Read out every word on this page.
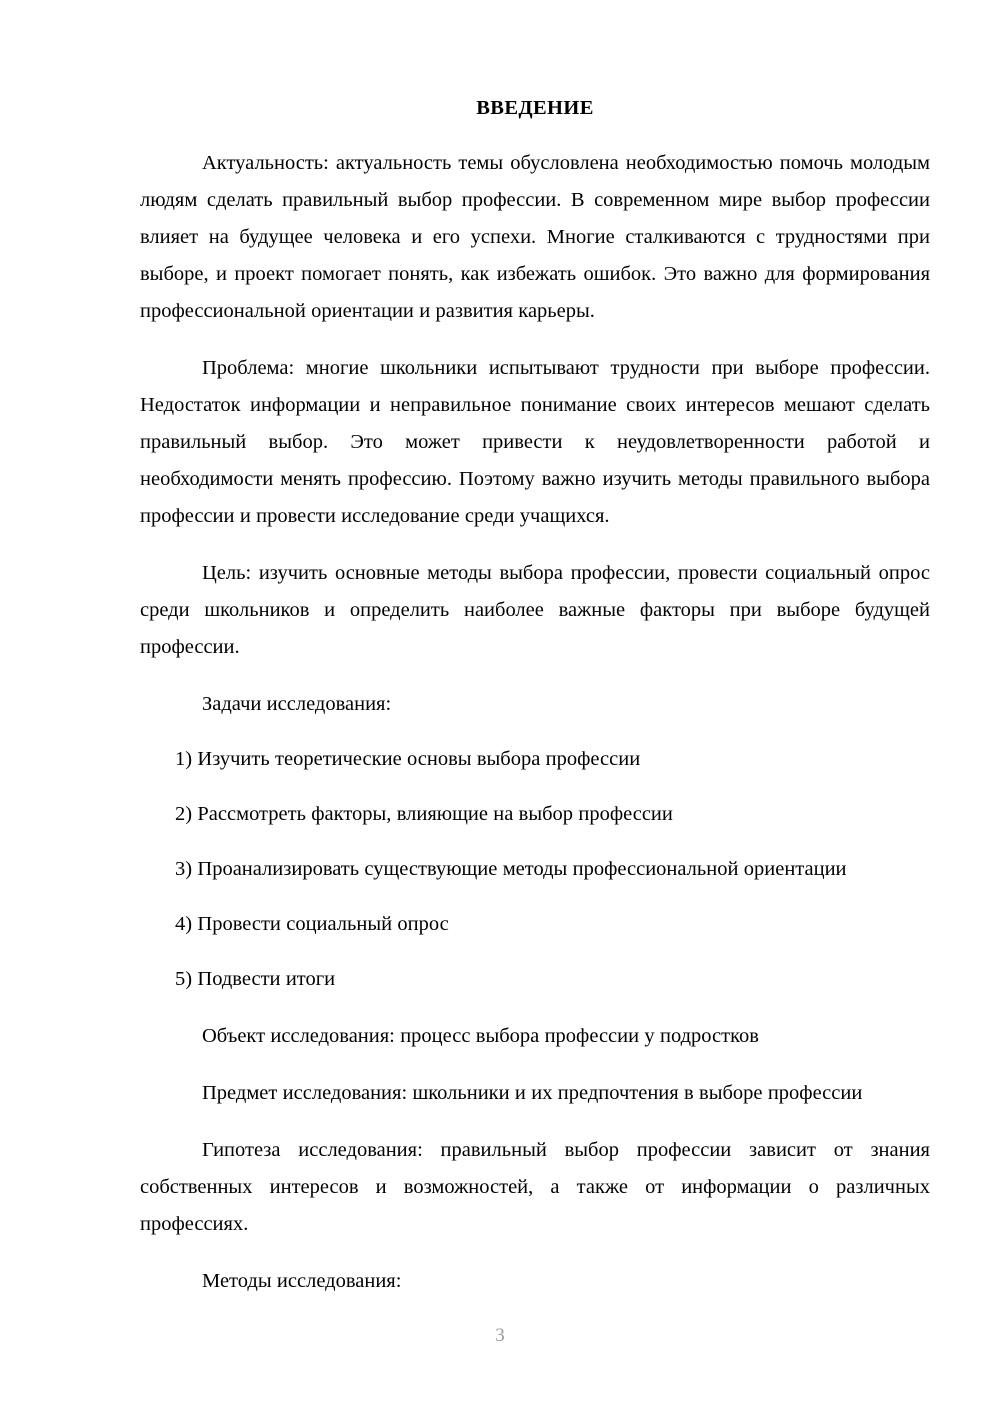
ВВЕДЕНИЕ

Актуальность: актуальность темы обусловлена необходимостью помочь молодым людям сделать правильный выбор профессии. В современном мире выбор профессии влияет на будущее человека и его успехи. Многие сталкиваются с трудностями при выборе, и проект помогает понять, как избежать ошибок. Это важно для формирования профессиональной ориентации и развития карьеры.

Проблема: многие школьники испытывают трудности при выборе профессии. Недостаток информации и неправильное понимание своих интересов мешают сделать правильный выбор. Это может привести к неудовлетворенности работой и необходимости менять профессию. Поэтому важно изучить методы правильного выбора профессии и провести исследование среди учащихся.

Цель: изучить основные методы выбора профессии, провести социальный опрос среди школьников и определить наиболее важные факторы при выборе будущей профессии.

Задачи исследования:

1) Изучить теоретические основы выбора профессии

2) Рассмотреть факторы, влияющие на выбор профессии

3) Проанализировать существующие методы профессиональной ориентации

4) Провести социальный опрос

5) Подвести итоги

Объект исследования: процесс выбора профессии у подростков

Предмет исследования: школьники и их предпочтения в выборе профессии

Гипотеза исследования: правильный выбор профессии зависит от знания собственных интересов и возможностей, а также от информации о различных профессиях.

Методы исследования:

3
